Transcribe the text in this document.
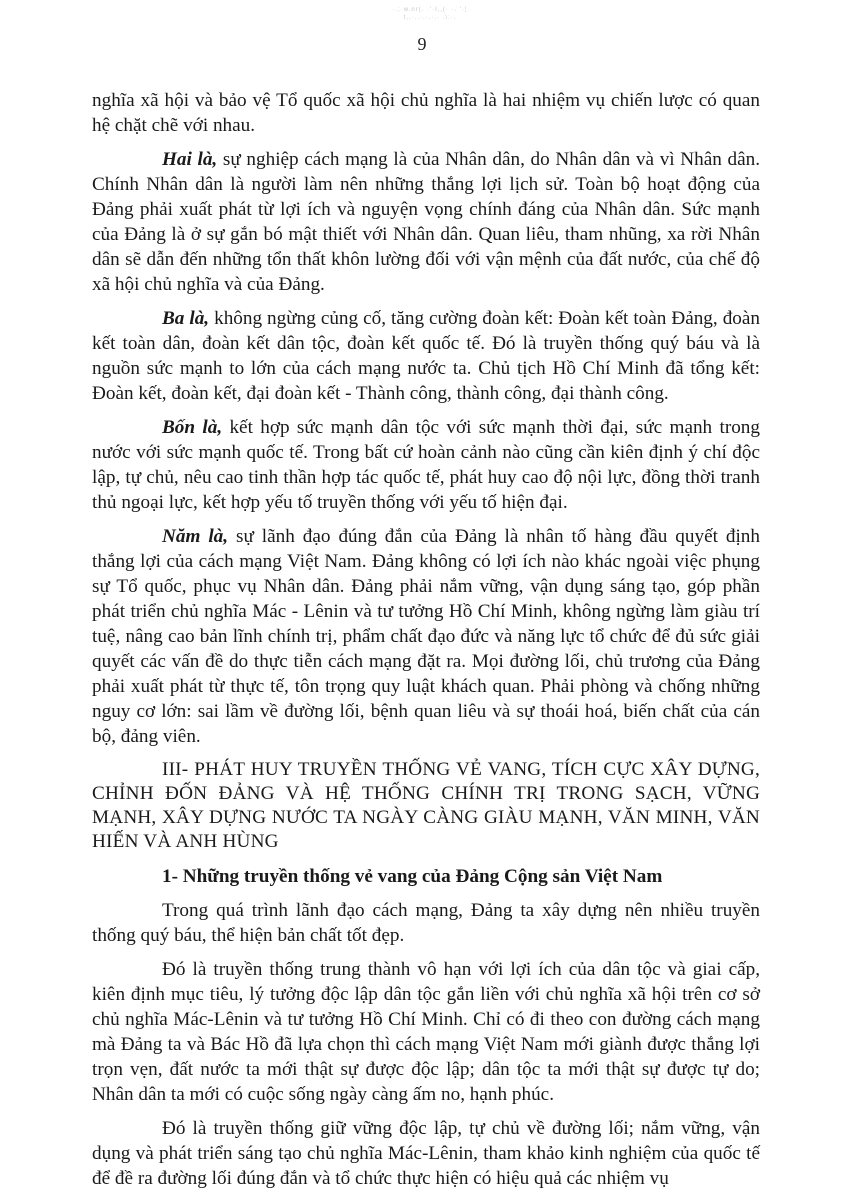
·.;·w.nr(. ·'·l,,(· ·. '·¦ t,.·..·.·.·.· .\:·.
9

nghĩa xã hội và bảo vệ Tổ quốc xã hội chủ nghĩa là hai nhiệm vụ chiến lược có quan hệ chặt chẽ với nhau.

Hai là, sự nghiệp cách mạng là của Nhân dân, do Nhân dân và vì Nhân dân. Chính Nhân dân là người làm nên những thắng lợi lịch sử. Toàn bộ hoạt động của Đảng phải xuất phát từ lợi ích và nguyện vọng chính đáng của Nhân dân. Sức mạnh của Đảng là ở sự gắn bó mật thiết với Nhân dân. Quan liêu, tham nhũng, xa rời Nhân dân sẽ dẫn đến những tổn thất khôn lường đối với vận mệnh của đất nước, của chế độ xã hội chủ nghĩa và của Đảng.

Ba là, không ngừng củng cố, tăng cường đoàn kết: Đoàn kết toàn Đảng, đoàn kết toàn dân, đoàn kết dân tộc, đoàn kết quốc tế. Đó là truyền thống quý báu và là nguồn sức mạnh to lớn của cách mạng nước ta. Chủ tịch Hồ Chí Minh đã tổng kết: Đoàn kết, đoàn kết, đại đoàn kết - Thành công, thành công, đại thành công.

Bốn là, kết hợp sức mạnh dân tộc với sức mạnh thời đại, sức mạnh trong nước với sức mạnh quốc tế. Trong bất cứ hoàn cảnh nào cũng cần kiên định ý chí độc lập, tự chủ, nêu cao tinh thần hợp tác quốc tế, phát huy cao độ nội lực, đồng thời tranh thủ ngoại lực, kết hợp yếu tố truyền thống với yếu tố hiện đại.

Năm là, sự lãnh đạo đúng đắn của Đảng là nhân tố hàng đầu quyết định thắng lợi của cách mạng Việt Nam. Đảng không có lợi ích nào khác ngoài việc phụng sự Tổ quốc, phục vụ Nhân dân. Đảng phải nắm vững, vận dụng sáng tạo, góp phần phát triển chủ nghĩa Mác - Lênin và tư tưởng Hồ Chí Minh, không ngừng làm giàu trí tuệ, nâng cao bản lĩnh chính trị, phẩm chất đạo đức và năng lực tổ chức để đủ sức giải quyết các vấn đề do thực tiễn cách mạng đặt ra. Mọi đường lối, chủ trương của Đảng phải xuất phát từ thực tế, tôn trọng quy luật khách quan. Phải phòng và chống những nguy cơ lớn: sai lầm về đường lối, bệnh quan liêu và sự thoái hoá, biến chất của cán bộ, đảng viên.

III- PHÁT HUY TRUYỀN THỐNG VẺ VANG, TÍCH CỰC XÂY DỰNG, CHỈNH ĐỐN ĐẢNG VÀ HỆ THỐNG CHÍNH TRỊ TRONG SẠCH, VỮNG MẠNH, XÂY DỰNG NƯỚC TA NGÀY CÀNG GIÀU MẠNH, VĂN MINH, VĂN HIẾN VÀ ANH HÙNG
1- Những truyền thống vẻ vang của Đảng Cộng sản Việt Nam

Trong quá trình lãnh đạo cách mạng, Đảng ta xây dựng nên nhiều truyền thống quý báu, thể hiện bản chất tốt đẹp.

Đó là truyền thống trung thành vô hạn với lợi ích của dân tộc và giai cấp, kiên định mục tiêu, lý tưởng độc lập dân tộc gắn liền với chủ nghĩa xã hội trên cơ sở chủ nghĩa Mác-Lênin và tư tưởng Hồ Chí Minh. Chỉ có đi theo con đường cách mạng mà Đảng ta và Bác Hồ đã lựa chọn thì cách mạng Việt Nam mới giành được thắng lợi trọn vẹn, đất nước ta mới thật sự được độc lập; dân tộc ta mới thật sự được tự do; Nhân dân ta mới có cuộc sống ngày càng ấm no, hạnh phúc.

Đó là truyền thống giữ vững độc lập, tự chủ về đường lối; nắm vững, vận dụng và phát triển sáng tạo chủ nghĩa Mác-Lênin, tham khảo kinh nghiệm của quốc tế để đề ra đường lối đúng đắn và tổ chức thực hiện có hiệu quả các nhiệm vụ
